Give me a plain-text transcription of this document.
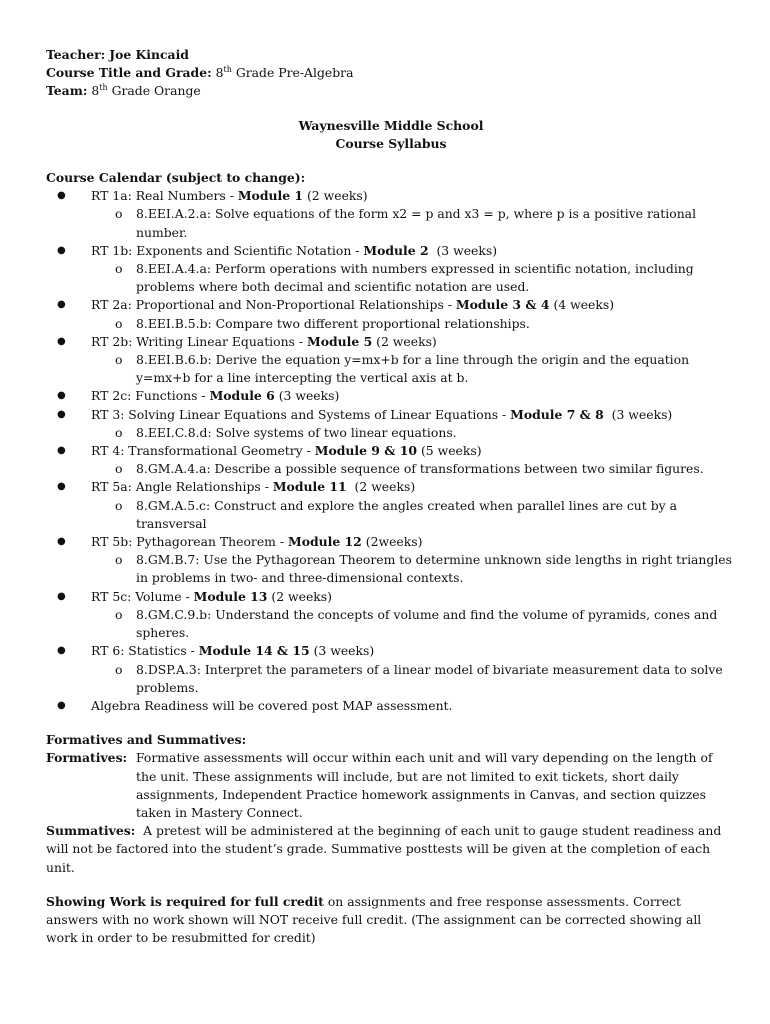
Teacher: Joe Kincaid

Course Title and Grade: 8th Grade Pre-Algebra

Team: 8th Grade Orange

Waynesville Middle School

Course Syllabus

Course Calendar (subject to change):

● RT 1a: Real Numbers - Module 1 (2 weeks)
o 8.EEI.A.2.a: Solve equations of the form x2 = p and x3 = p, where p is a positive rational number.
● RT 1b: Exponents and Scientific Notation - Module 2  (3 weeks)
o 8.EEI.A.4.a: Perform operations with numbers expressed in scientific notation, including problems where both decimal and scientific notation are used.
● RT 2a: Proportional and Non-Proportional Relationships - Module 3 & 4 (4 weeks)
o 8.EEI.B.5.b: Compare two different proportional relationships.
● RT 2b: Writing Linear Equations - Module 5 (2 weeks)
o 8.EEI.B.6.b: Derive the equation y=mx+b for a line through the origin and the equation y=mx+b for a line intercepting the vertical axis at b.
● RT 2c: Functions - Module 6 (3 weeks)
● RT 3: Solving Linear Equations and Systems of Linear Equations - Module 7 & 8  (3 weeks)
o 8.EEI.C.8.d: Solve systems of two linear equations.
● RT 4: Transformational Geometry - Module 9 & 10 (5 weeks)
o 8.GM.A.4.a: Describe a possible sequence of transformations between two similar figures.
● RT 5a: Angle Relationships - Module 11  (2 weeks)
o 8.GM.A.5.c: Construct and explore the angles created when parallel lines are cut by a transversal
● RT 5b: Pythagorean Theorem - Module 12 (2weeks)
o 8.GM.B.7: Use the Pythagorean Theorem to determine unknown side lengths in right triangles in problems in two- and three-dimensional contexts.
● RT 5c: Volume - Module 13 (2 weeks)
o 8.GM.C.9.b: Understand the concepts of volume and find the volume of pyramids, cones and spheres.
● RT 6: Statistics - Module 14 & 15 (3 weeks)
o 8.DSP.A.3: Interpret the parameters of a linear model of bivariate measurement data to solve problems.
● Algebra Readiness will be covered post MAP assessment.

Formatives and Summatives:

Formatives: Formative assessments will occur within each unit and will vary depending on the length of the unit. These assignments will include, but are not limited to exit tickets, short daily assignments, Independent Practice homework assignments in Canvas, and section quizzes taken in Mastery Connect.

Summatives: A pretest will be administered at the beginning of each unit to gauge student readiness and will not be factored into the student’s grade. Summative posttests will be given at the completion of each unit.

Showing Work is required for full credit on assignments and free response assessments. Correct answers with no work shown will NOT receive full credit. (The assignment can be corrected showing all work in order to be resubmitted for credit)
